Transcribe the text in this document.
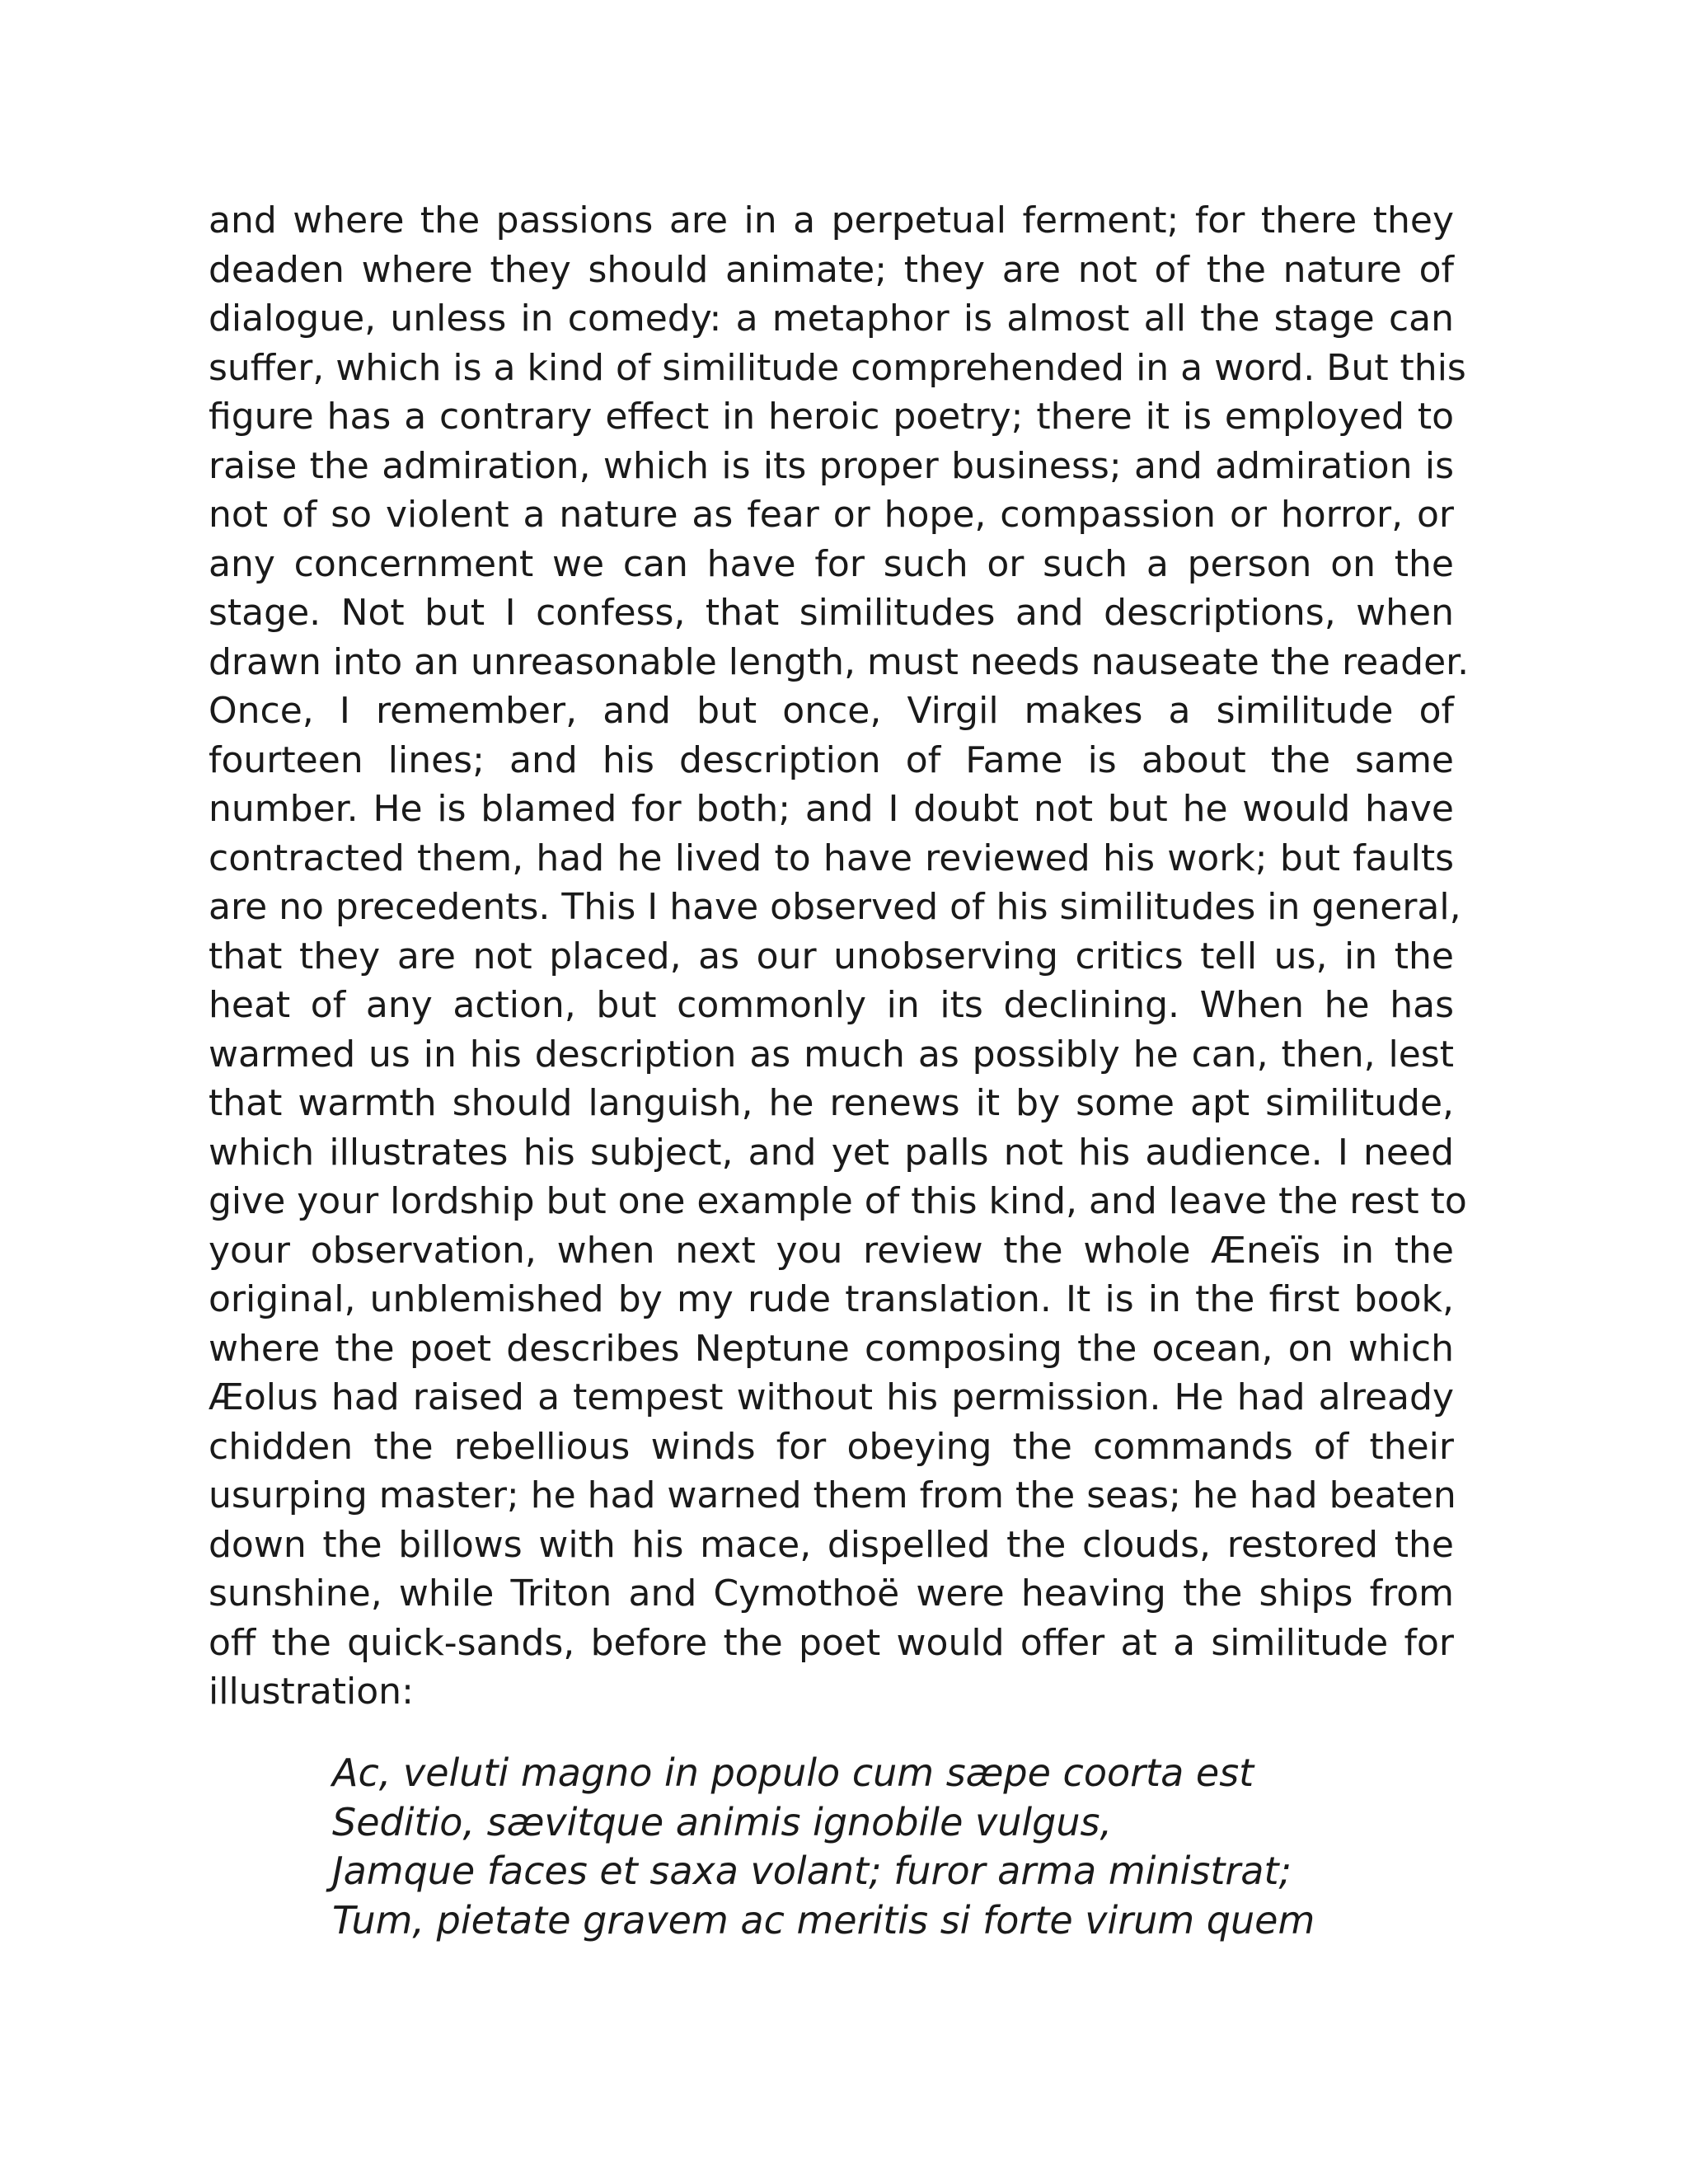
and where the passions are in a perpetual ferment; for there they
deaden where they should animate; they are not of the nature of
dialogue, unless in comedy: a metaphor is almost all the stage can
suffer, which is a kind of similitude comprehended in a word. But this
figure has a contrary effect in heroic poetry; there it is employed to
raise the admiration, which is its proper business; and admiration is
not of so violent a nature as fear or hope, compassion or horror, or
any concernment we can have for such or such a person on the
stage. Not but I confess, that similitudes and descriptions, when
drawn into an unreasonable length, must needs nauseate the reader.
Once, I remember, and but once, Virgil makes a similitude of
fourteen lines; and his description of Fame is about the same
number. He is blamed for both; and I doubt not but he would have
contracted them, had he lived to have reviewed his work; but faults
are no precedents. This I have observed of his similitudes in general,
that they are not placed, as our unobserving critics tell us, in the
heat of any action, but commonly in its declining. When he has
warmed us in his description as much as possibly he can, then, lest
that warmth should languish, he renews it by some apt similitude,
which illustrates his subject, and yet palls not his audience. I need
give your lordship but one example of this kind, and leave the rest to
your observation, when next you review the whole Æneïs in the
original, unblemished by my rude translation. It is in the first book,
where the poet describes Neptune composing the ocean, on which
Æolus had raised a tempest without his permission. He had already
chidden the rebellious winds for obeying the commands of their
usurping master; he had warned them from the seas; he had beaten
down the billows with his mace, dispelled the clouds, restored the
sunshine, while Triton and Cymothoë were heaving the ships from
off the quick-sands, before the poet would offer at a similitude for
illustration:
Ac, veluti magno in populo cum sæpe coorta est
Seditio, sævitque animis ignobile vulgus,
Jamque faces et saxa volant; furor arma ministrat;
Tum, pietate gravem ac meritis si forte virum quem
